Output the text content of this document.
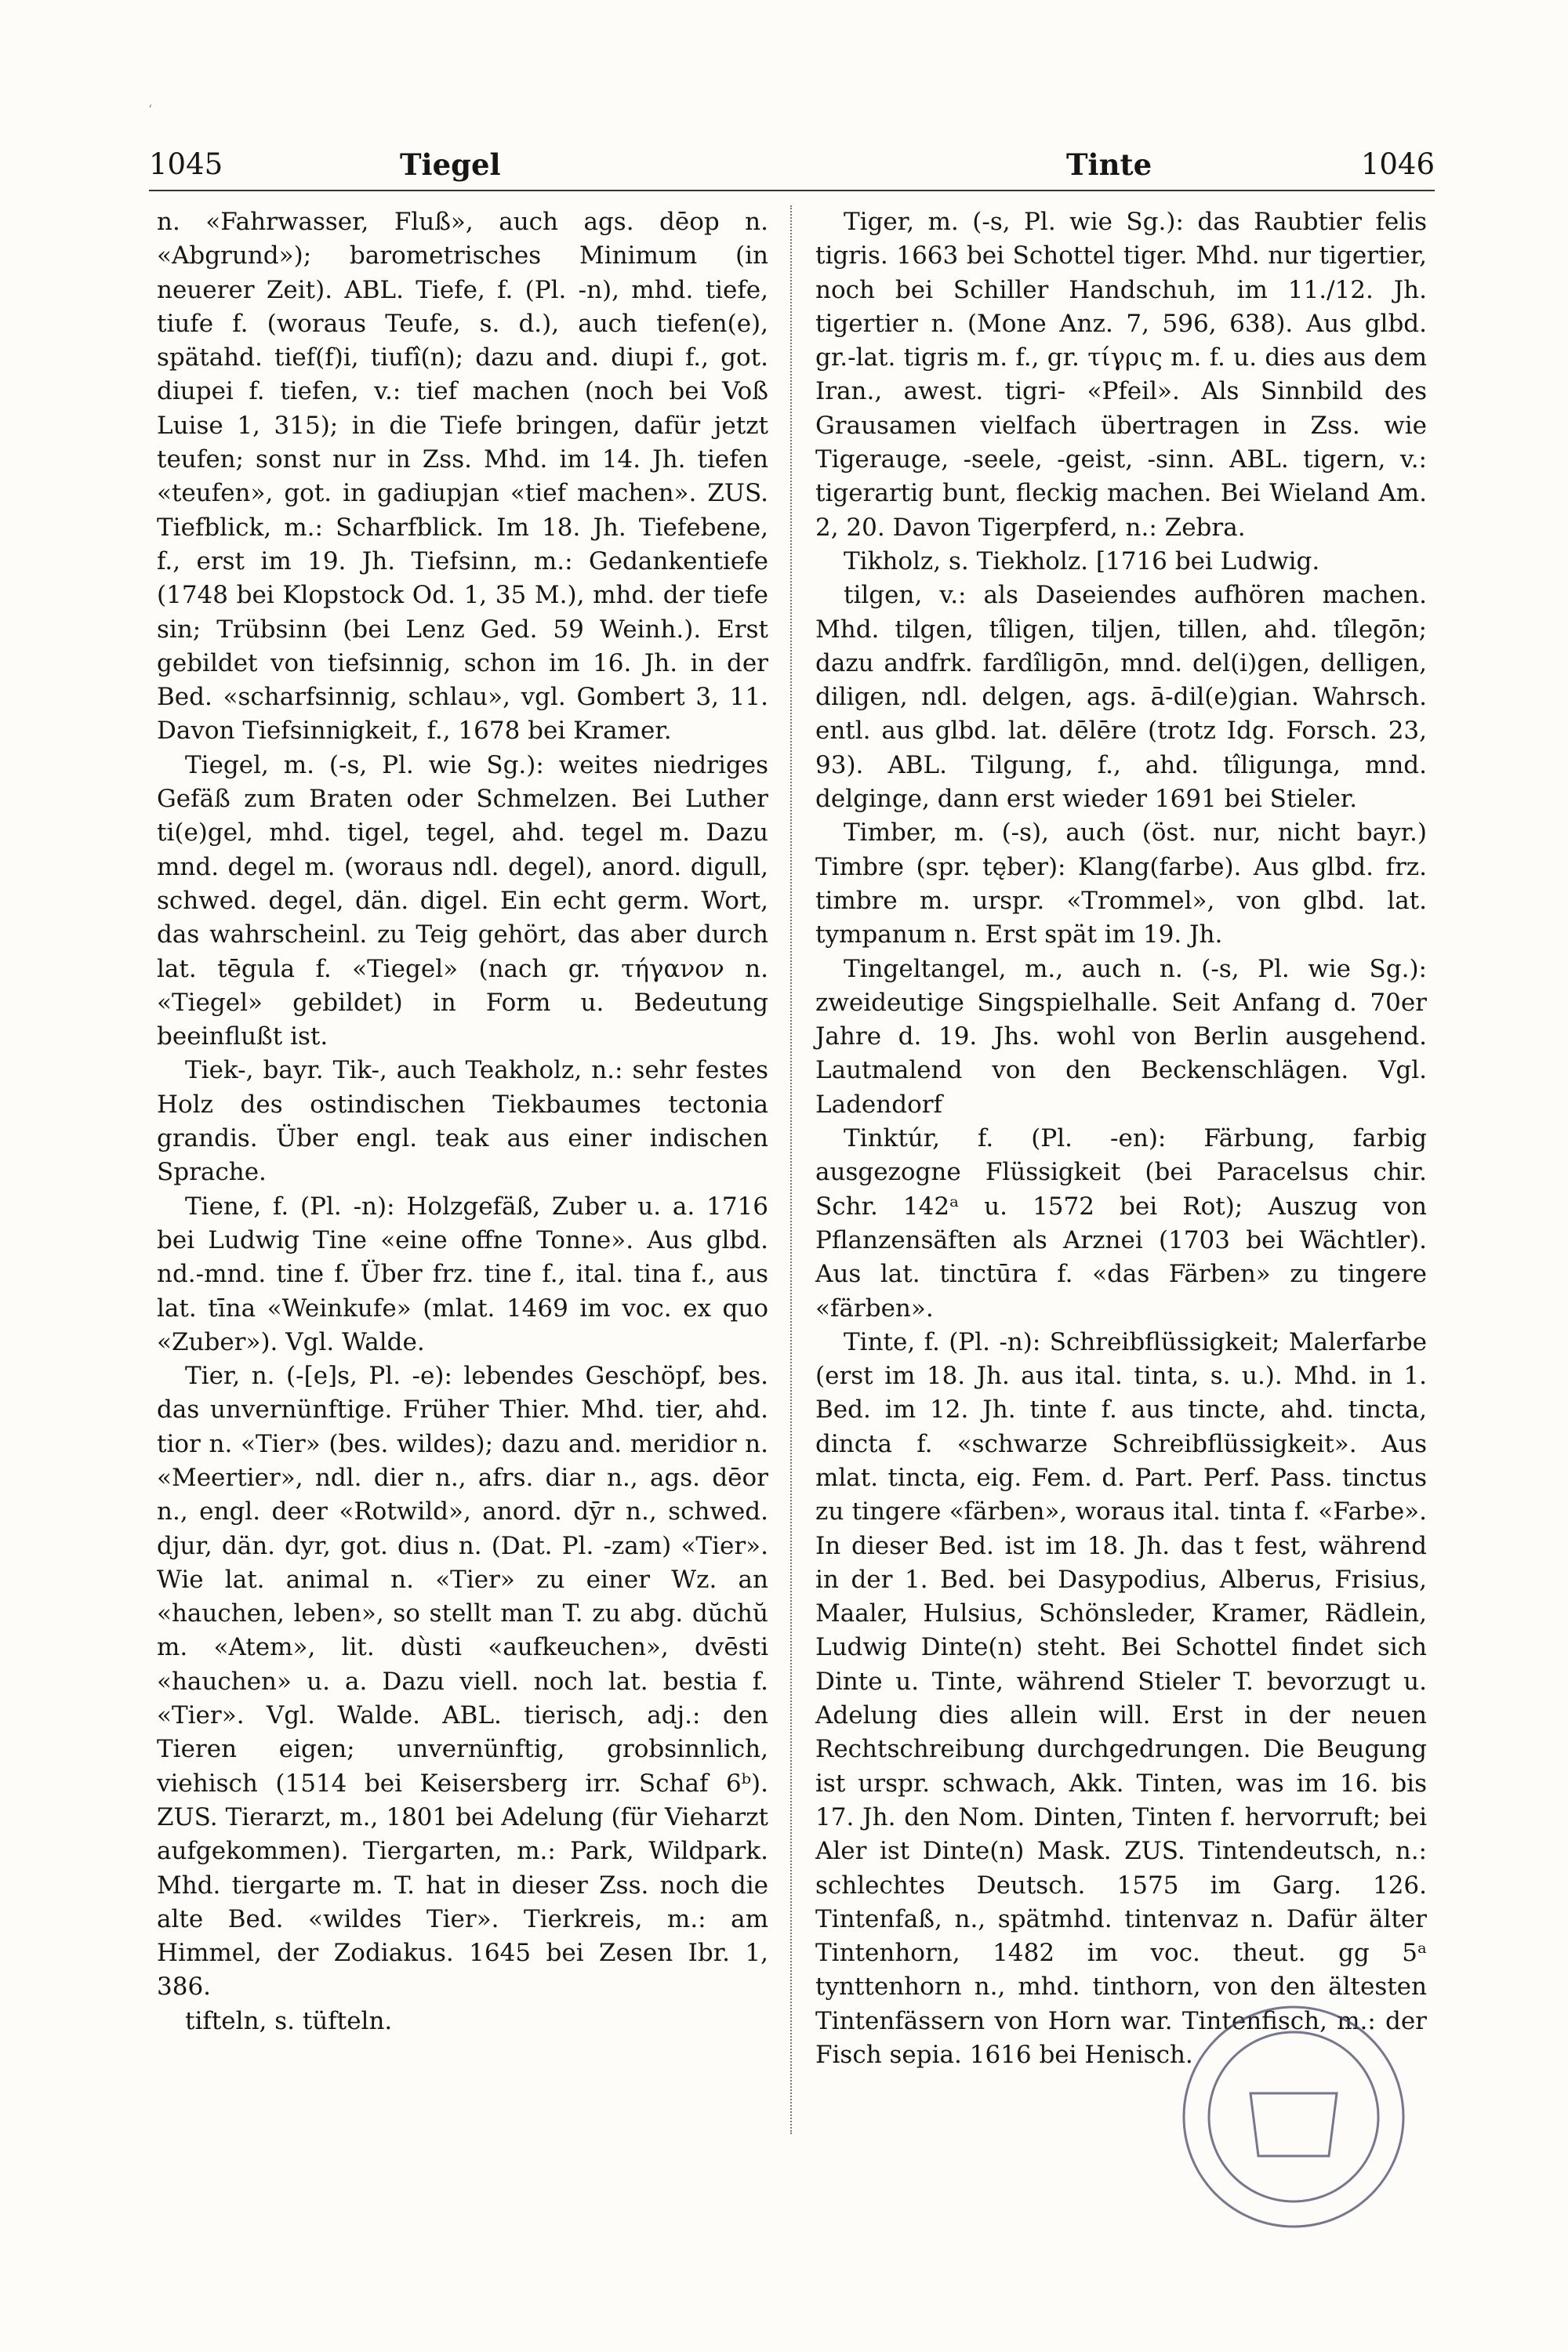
‘
1045	Tiegel	Tinte	1046

n. «Fahrwasser, Fluß», auch ags. dēop n. «Abgrund»); barometrisches Minimum (in neuerer Zeit). ABL. Tiefe, f. (Pl. -n), mhd. tiefe, tiufe f. (woraus Teufe, s. d.), auch tiefen(e), spätahd. tief(f)i, tiufî(n); dazu and. diupi f., got. diupei f. tiefen, v.: tief machen (noch bei Voß Luise 1, 315); in die Tiefe bringen, dafür jetzt teufen; sonst nur in Zss. Mhd. im 14. Jh. tiefen «teufen», got. in gadiupjan «tief machen». ZUS. Tiefblick, m.: Scharfblick. Im 18. Jh. Tiefebene, f., erst im 19. Jh. Tiefsinn, m.: Gedankentiefe (1748 bei Klopstock Od. 1, 35 M.), mhd. der tiefe sin; Trübsinn (bei Lenz Ged. 59 Weinh.). Erst gebildet von tiefsinnig, schon im 16. Jh. in der Bed. «scharfsinnig, schlau», vgl. Gombert 3, 11. Davon Tiefsinnigkeit, f., 1678 bei Kramer.

Tiegel, m. (-s, Pl. wie Sg.): weites niedriges Gefäß zum Braten oder Schmelzen. Bei Luther ti(e)gel, mhd. tigel, tegel, ahd. tegel m. Dazu mnd. degel m. (woraus ndl. degel), anord. digull, schwed. degel, dän. digel. Ein echt germ. Wort, das wahrscheinl. zu Teig gehört, das aber durch lat. tēgula f. «Tiegel» (nach gr. τήγανον n. «Tiegel» gebildet) in Form u. Bedeutung beeinflußt ist.

Tiek-, bayr. Tik-, auch Teakholz, n.: sehr festes Holz des ostindischen Tiekbaumes tectonia grandis. Über engl. teak aus einer indischen Sprache.

Tiene, f. (Pl. -n): Holzgefäß, Zuber u. a. 1716 bei Ludwig Tine «eine offne Tonne». Aus glbd. nd.-mnd. tine f. Über frz. tine f., ital. tina f., aus lat. tīna «Weinkufe» (mlat. 1469 im voc. ex quo «Zuber»). Vgl. Walde.

Tier, n. (-[e]s, Pl. -e): lebendes Geschöpf, bes. das unvernünftige. Früher Thier. Mhd. tier, ahd. tior n. «Tier» (bes. wildes); dazu and. meridior n. «Meertier», ndl. dier n., afrs. diar n., ags. dēor n., engl. deer «Rotwild», anord. dȳr n., schwed. djur, dän. dyr, got. dius n. (Dat. Pl. -zam) «Tier». Wie lat. animal n. «Tier» zu einer Wz. an «hauchen, leben», so stellt man T. zu abg. dŭchŭ m. «Atem», lit. dùsti «aufkeuchen», dvēsti «hauchen» u. a. Dazu viell. noch lat. bestia f. «Tier». Vgl. Walde. ABL. tierisch, adj.: den Tieren eigen; unvernünftig, grobsinnlich, viehisch (1514 bei Keisersberg irr. Schaf 6ᵇ). ZUS. Tierarzt, m., 1801 bei Adelung (für Vieharzt aufgekommen). Tiergarten, m.: Park, Wildpark. Mhd. tiergarte m. T. hat in dieser Zss. noch die alte Bed. «wildes Tier». Tierkreis, m.: am Himmel, der Zodiakus. 1645 bei Zesen Ibr. 1, 386.

tifteln, s. tüfteln.

Tiger, m. (-s, Pl. wie Sg.): das Raubtier felis tigris. 1663 bei Schottel tiger. Mhd. nur tigertier, noch bei Schiller Handschuh, im 11./12. Jh. tigertier n. (Mone Anz. 7, 596, 638). Aus glbd. gr.-lat. tigris m. f., gr. τίγρις m. f. u. dies aus dem Iran., awest. tigri- «Pfeil». Als Sinnbild des Grausamen vielfach übertragen in Zss. wie Tigerauge, -seele, -geist, -sinn. ABL. tigern, v.: tigerartig bunt, fleckig machen. Bei Wieland Am. 2, 20. Davon Tigerpferd, n.: Zebra.

Tikholz, s. Tiekholz. [1716 bei Ludwig.

tilgen, v.: als Daseiendes aufhören machen. Mhd. tilgen, tîligen, tiljen, tillen, ahd. tîlegōn; dazu andfrk. fardîligōn, mnd. del(i)gen, delligen, diligen, ndl. delgen, ags. ā-dil(e)gian. Wahrsch. entl. aus glbd. lat. dēlēre (trotz Idg. Forsch. 23, 93). ABL. Tilgung, f., ahd. tîligunga, mnd. delginge, dann erst wieder 1691 bei Stieler.

Timber, m. (-s), auch (öst. nur, nicht bayr.) Timbre (spr. tęber): Klang(farbe). Aus glbd. frz. timbre m. urspr. «Trommel», von glbd. lat. tympanum n. Erst spät im 19. Jh.

Tingeltangel, m., auch n. (-s, Pl. wie Sg.): zweideutige Singspielhalle. Seit Anfang d. 70er Jahre d. 19. Jhs. wohl von Berlin ausgehend. Lautmalend von den Beckenschlägen. Vgl. Ladendorf

Tinktúr, f. (Pl. -en): Färbung, farbig ausgezogne Flüssigkeit (bei Paracelsus chir. Schr. 142ᵃ u. 1572 bei Rot); Auszug von Pflanzensäften als Arznei (1703 bei Wächtler). Aus lat. tinctūra f. «das Färben» zu tingere «färben».

Tinte, f. (Pl. -n): Schreibflüssigkeit; Malerfarbe (erst im 18. Jh. aus ital. tinta, s. u.). Mhd. in 1. Bed. im 12. Jh. tinte f. aus tincte, ahd. tincta, dincta f. «schwarze Schreibflüssigkeit». Aus mlat. tincta, eig. Fem. d. Part. Perf. Pass. tinctus zu tingere «färben», woraus ital. tinta f. «Farbe». In dieser Bed. ist im 18. Jh. das t fest, während in der 1. Bed. bei Dasypodius, Alberus, Frisius, Maaler, Hulsius, Schönsleder, Kramer, Rädlein, Ludwig Dinte(n) steht. Bei Schottel findet sich Dinte u. Tinte, während Stieler T. bevorzugt u. Adelung dies allein will. Erst in der neuen Rechtschreibung durchgedrungen. Die Beugung ist urspr. schwach, Akk. Tinten, was im 16. bis 17. Jh. den Nom. Dinten, Tinten f. hervorruft; bei Aler ist Dinte(n) Mask. ZUS. Tintendeutsch, n.: schlechtes Deutsch. 1575 im Garg. 126. Tintenfaß, n., spätmhd. tintenvaz n. Dafür älter Tintenhorn, 1482 im voc. theut. gg 5ᵃ tynttenhorn n., mhd. tinthorn, von den ältesten Tintenfässern von Horn war. Tintenfisch, m.: der Fisch sepia. 1616 bei Henisch.
